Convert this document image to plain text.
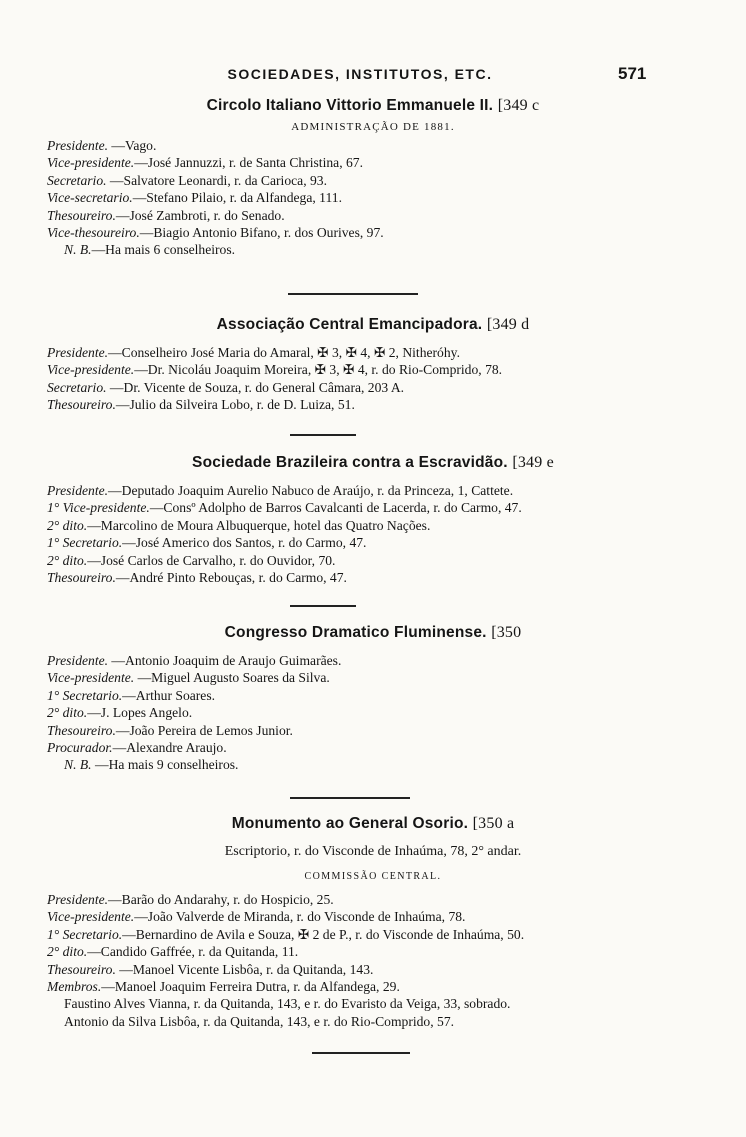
SOCIEDADES, INSTITUTOS, ETC.	571
Circolo Italiano Vittorio Emmanuele II. [349 c
ADMINISTRAÇÃO DE 1881.
Presidente. —Vago.
Vice-presidente.—José Jannuzzi, r. de Santa Christina, 67.
Secretario. —Salvatore Leonardi, r. da Carioca, 93.
Vice-secretario.—Stefano Pilaio, r. da Alfandega, 111.
Thesoureiro.—José Zambroti, r. do Senado.
Vice-thesoureiro.—Biagio Antonio Bifano, r. dos Ourives, 97.
N. B.—Ha mais 6 conselheiros.
Associação Central Emancipadora. [349 d
Presidente.—Conselheiro José Maria do Amaral, ✠ 3, ✠ 4, ✠ 2, Nitheróhy.
Vice-presidente.—Dr. Nicoláu Joaquim Moreira, ✠ 3, ✠ 4, r. do Rio-Comprido, 78.
Secretario. —Dr. Vicente de Souza, r. do General Câmara, 203 A.
Thesoureiro.—Julio da Silveira Lobo, r. de D. Luiza, 51.
Sociedade Brazileira contra a Escravidão. [349 e
Presidente.—Deputado Joaquim Aurelio Nabuco de Araújo, r. da Princeza, 1, Cattete.
1° Vice-presidente.—Consº Adolpho de Barros Cavalcanti de Lacerda, r. do Carmo, 47.
2° dito.—Marcolino de Moura Albuquerque, hotel das Quatro Nações.
1° Secretario.—José Americo dos Santos, r. do Carmo, 47.
2° dito.—José Carlos de Carvalho, r. do Ouvidor, 70.
Thesoureiro.—André Pinto Rebouças, r. do Carmo, 47.
Congresso Dramatico Fluminense. [350
Presidente. —Antonio Joaquim de Araujo Guimarães.
Vice-presidente. —Miguel Augusto Soares da Silva.
1° Secretario.—Arthur Soares.
2° dito.—J. Lopes Angelo.
Thesoureiro.—João Pereira de Lemos Junior.
Procurador.—Alexandre Araujo.
N. B. —Ha mais 9 conselheiros.
Monumento ao General Osorio. [350 a
Escriptorio, r. do Visconde de Inhaúma, 78, 2° andar.
COMMISSÃO CENTRAL.
Presidente.—Barão do Andarahy, r. do Hospicio, 25.
Vice-presidente.—João Valverde de Miranda, r. do Visconde de Inhaúma, 78.
1° Secretario.—Bernardino de Avila e Souza, ✠ 2 de P., r. do Visconde de Inhaúma, 50.
2° dito.—Candido Gaffrée, r. da Quitanda, 11.
Thesoureiro. —Manoel Vicente Lisbôa, r. da Quitanda, 143.
Membros.—Manoel Joaquim Ferreira Dutra, r. da Alfandega, 29.
Faustino Alves Vianna, r. da Quitanda, 143, e r. do Evaristo da Veiga, 33, sobrado.
Antonio da Silva Lisbôa, r. da Quitanda, 143, e r. do Rio-Comprido, 57.
